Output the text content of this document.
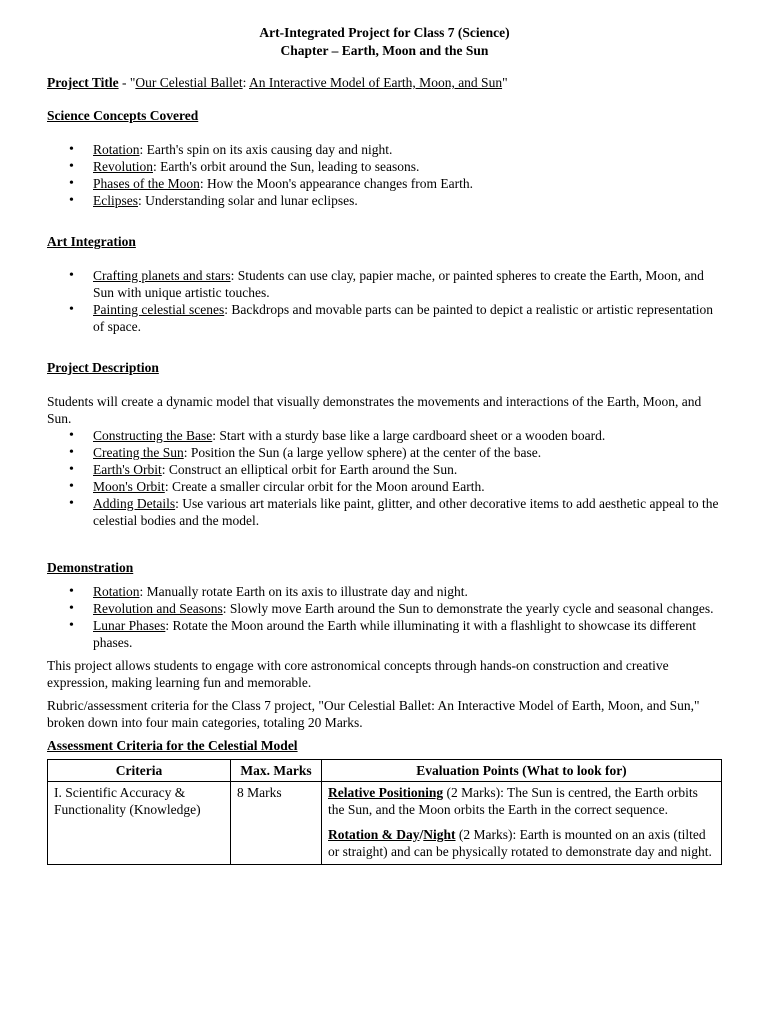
Art-Integrated Project for Class 7 (Science)
Chapter – Earth, Moon and the Sun

Project Title - "Our Celestial Ballet: An Interactive Model of Earth, Moon, and Sun"

Science Concepts Covered

• Rotation: Earth's spin on its axis causing day and night.
• Revolution: Earth's orbit around the Sun, leading to seasons.
• Phases of the Moon: How the Moon's appearance changes from Earth.
• Eclipses: Understanding solar and lunar eclipses.

Art Integration

• Crafting planets and stars: Students can use clay, papier mache, or painted spheres to create the Earth, Moon, and Sun with unique artistic touches.
• Painting celestial scenes: Backdrops and movable parts can be painted to depict a realistic or artistic representation of space.

Project Description

Students will create a dynamic model that visually demonstrates the movements and interactions of the Earth, Moon, and Sun.

• Constructing the Base: Start with a sturdy base like a large cardboard sheet or a wooden board.
• Creating the Sun: Position the Sun (a large yellow sphere) at the center of the base.
• Earth's Orbit: Construct an elliptical orbit for Earth around the Sun.
• Moon's Orbit: Create a smaller circular orbit for the Moon around Earth.
• Adding Details: Use various art materials like paint, glitter, and other decorative items to add aesthetic appeal to the celestial bodies and the model.

Demonstration

• Rotation: Manually rotate Earth on its axis to illustrate day and night.
• Revolution and Seasons: Slowly move Earth around the Sun to demonstrate the yearly cycle and seasonal changes.
• Lunar Phases: Rotate the Moon around the Earth while illuminating it with a flashlight to showcase its different phases.

This project allows students to engage with core astronomical concepts through hands-on construction and creative expression, making learning fun and memorable.

Rubric/assessment criteria for the Class 7 project, "Our Celestial Ballet: An Interactive Model of Earth, Moon, and Sun," broken down into four main categories, totaling 20 Marks.

Assessment Criteria for the Celestial Model

Criteria	Max. Marks	Evaluation Points (What to look for)
I. Scientific Accuracy & Functionality (Knowledge)	8 Marks	Relative Positioning (2 Marks): The Sun is centred, the Earth orbits the Sun, and the Moon orbits the Earth in the correct sequence.

Rotation & Day/Night (2 Marks): Earth is mounted on an axis (tilted or straight) and can be physically rotated to demonstrate day and night.
